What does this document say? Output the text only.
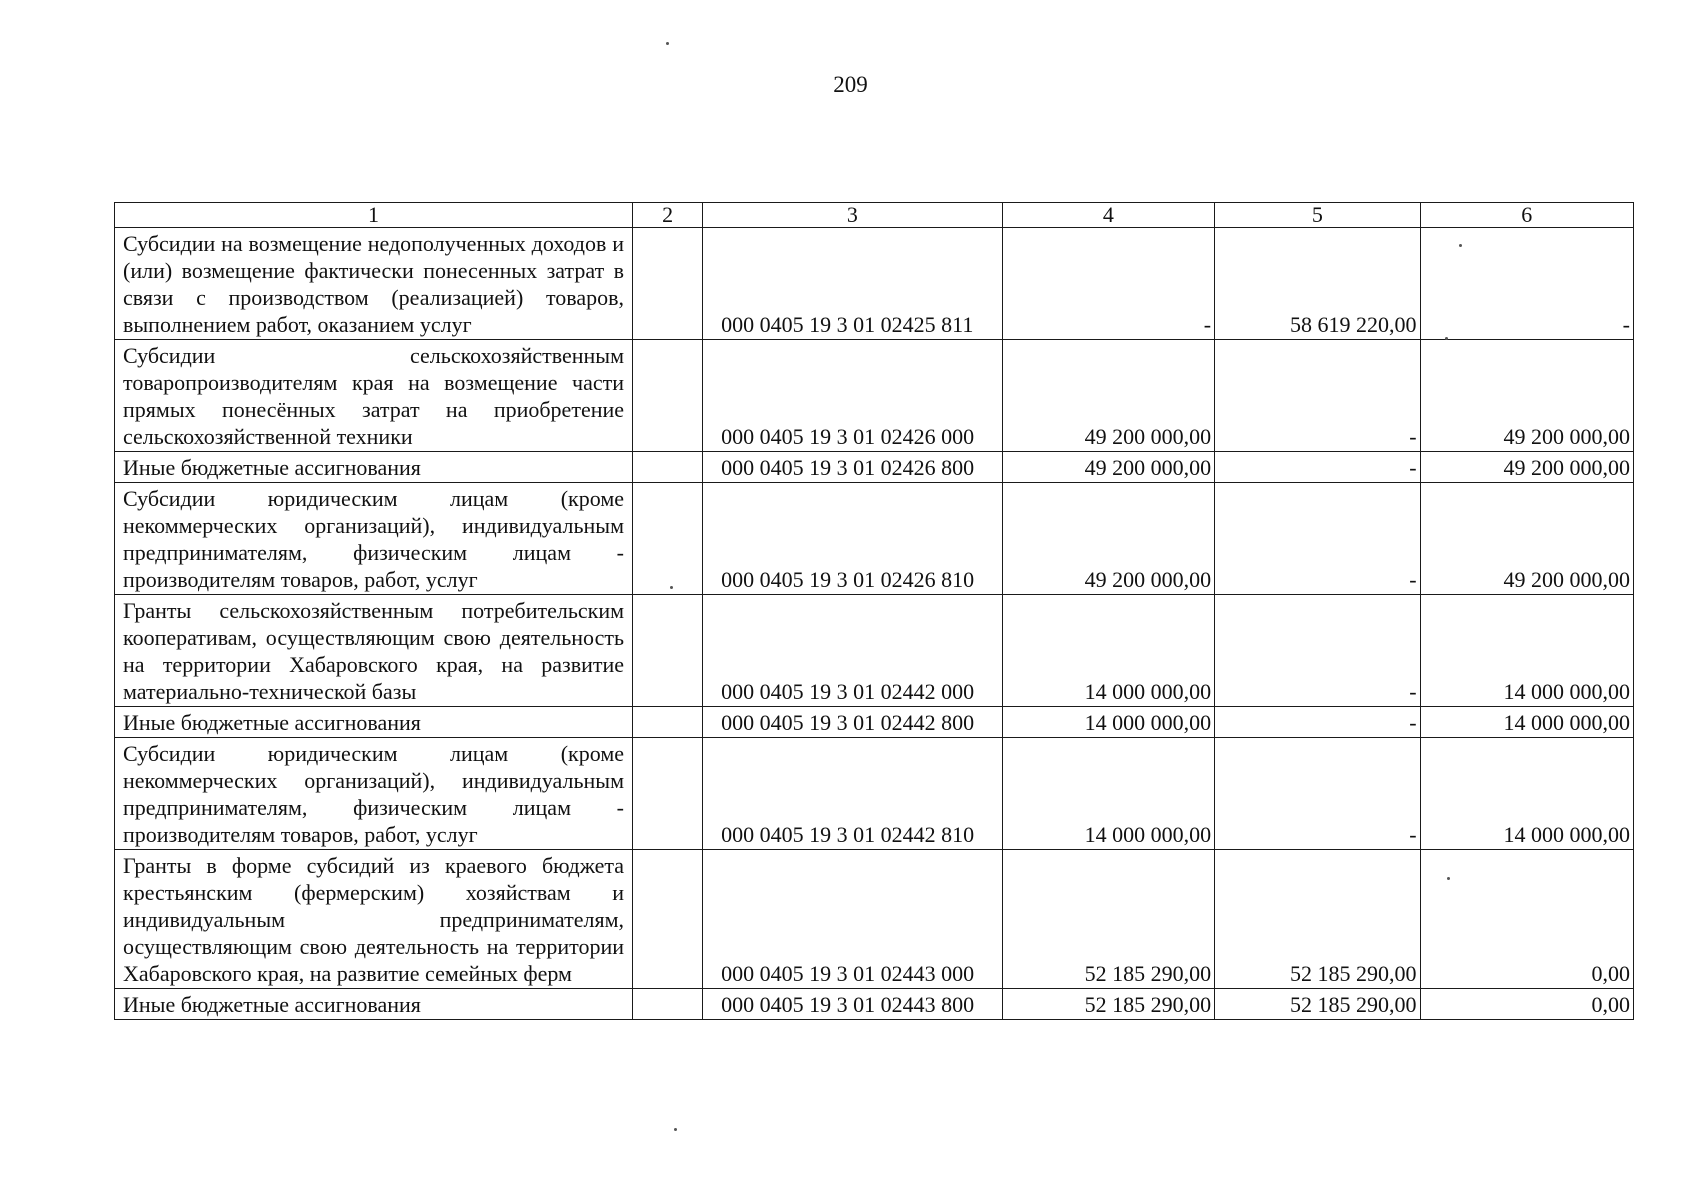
209
1	2	3	4	5	6
Субсидии на возмещение недополученных доходов и (или) возмещение фактически понесенных затрат в связи с производством (реализацией) товаров, выполнением работ, оказанием услуг		000 0405 19 3 01 02425 811	-	58 619 220,00	-
Субсидии сельскохозяйственным товаропроизводителям края на возмещение части прямых понесённых затрат на приобретение сельскохозяйственной техники		000 0405 19 3 01 02426 000	49 200 000,00	-	49 200 000,00
Иные бюджетные ассигнования		000 0405 19 3 01 02426 800	49 200 000,00	-	49 200 000,00
Субсидии юридическим лицам (кроме некоммерческих организаций), индивидуальным предпринимателям, физическим лицам - производителям товаров, работ, услуг		000 0405 19 3 01 02426 810	49 200 000,00	-	49 200 000,00
Гранты сельскохозяйственным потребительским кооперативам, осуществляющим свою деятельность на территории Хабаровского края, на развитие материально-технической базы		000 0405 19 3 01 02442 000	14 000 000,00	-	14 000 000,00
Иные бюджетные ассигнования		000 0405 19 3 01 02442 800	14 000 000,00	-	14 000 000,00
Субсидии юридическим лицам (кроме некоммерческих организаций), индивидуальным предпринимателям, физическим лицам - производителям товаров, работ, услуг		000 0405 19 3 01 02442 810	14 000 000,00	-	14 000 000,00
Гранты в форме субсидий из краевого бюджета крестьянским (фермерским) хозяйствам и индивидуальным предпринимателям, осуществляющим свою деятельность на территории Хабаровского края, на развитие семейных ферм		000 0405 19 3 01 02443 000	52 185 290,00	52 185 290,00	0,00
Иные бюджетные ассигнования		000 0405 19 3 01 02443 800	52 185 290,00	52 185 290,00	0,00
